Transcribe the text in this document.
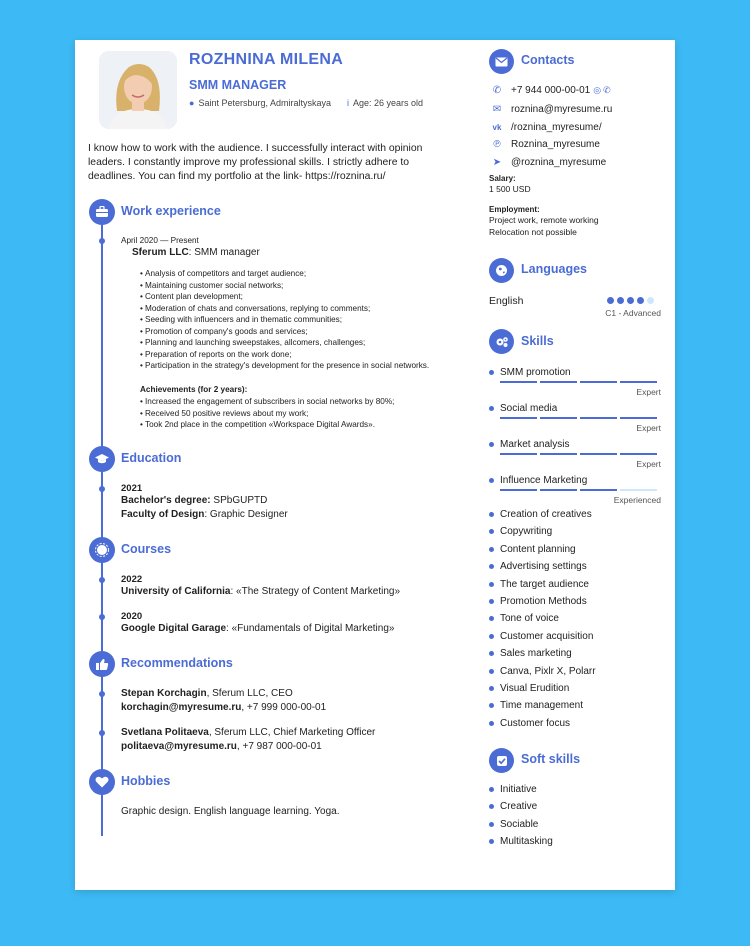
ROZHNINA MILENA
SMM MANAGER
● Saint Petersburg, Admiraltyskaya i Age: 26 years old
I know how to work with the audience. I successfully interact with opinion leaders. I constantly improve my professional skills. I strictly adhere to deadlines. You can find my portfolio at the link- https://roznina.ru/
Work experience
April 2020 — Present
Sferum LLC: SMM manager
• Analysis of competitors and target audience;
• Maintaining customer social networks;
• Content plan development;
• Moderation of chats and conversations, replying to comments;
• Seeding with influencers and in thematic communities;
• Promotion of company's goods and services;
• Planning and launching sweepstakes, allcomers, challenges;
• Preparation of reports on the work done;
• Participation in the strategy's development for the presence in social networks.
Achievements (for 2 years):
• Increased the engagement of subscribers in social networks by 80%;
• Received 50 positive reviews about my work;
• Took 2nd place in the competition «Workspace Digital Awards».
Education
2021
Bachelor's degree: SPbGUPTD
Faculty of Design: Graphic Designer
Courses
2022
University of California: «The Strategy of Content Marketing»
2020
Google Digital Garage: «Fundamentals of Digital Marketing»
Recommendations
Stepan Korchagin, Sferum LLC, CEO
korchagin@myresume.ru, +7 999 000-00-01
Svetlana Politaeva, Sferum LLC, Chief Marketing Officer
politaeva@myresume.ru, +7 987 000-00-01
Hobbies
Graphic design. English language learning. Yoga.
Contacts
✆ +7 944 000-00-01 ◎ ✆
✉ roznina@myresume.ru
vk /roznina_myresume/
℗	Roznina_myresume
➤ @roznina_myresume
Salary:
1 500 USD
Employment:
Project work, remote working
Relocation not possible
Languages
English
C1 - Advanced
Skills
SMM promotion
Expert
Social media
Expert
Market analysis
Expert
Influence Marketing
Experienced
Creation of creatives
Copywriting
Content planning
Advertising settings
The target audience
Promotion Methods
Tone of voice
Customer acquisition
Sales marketing
Canva, Pixlr X, Polarr
Visual Erudition
Time management
Customer focus
Soft skills
Initiative
Creative
Sociable
Multitasking
